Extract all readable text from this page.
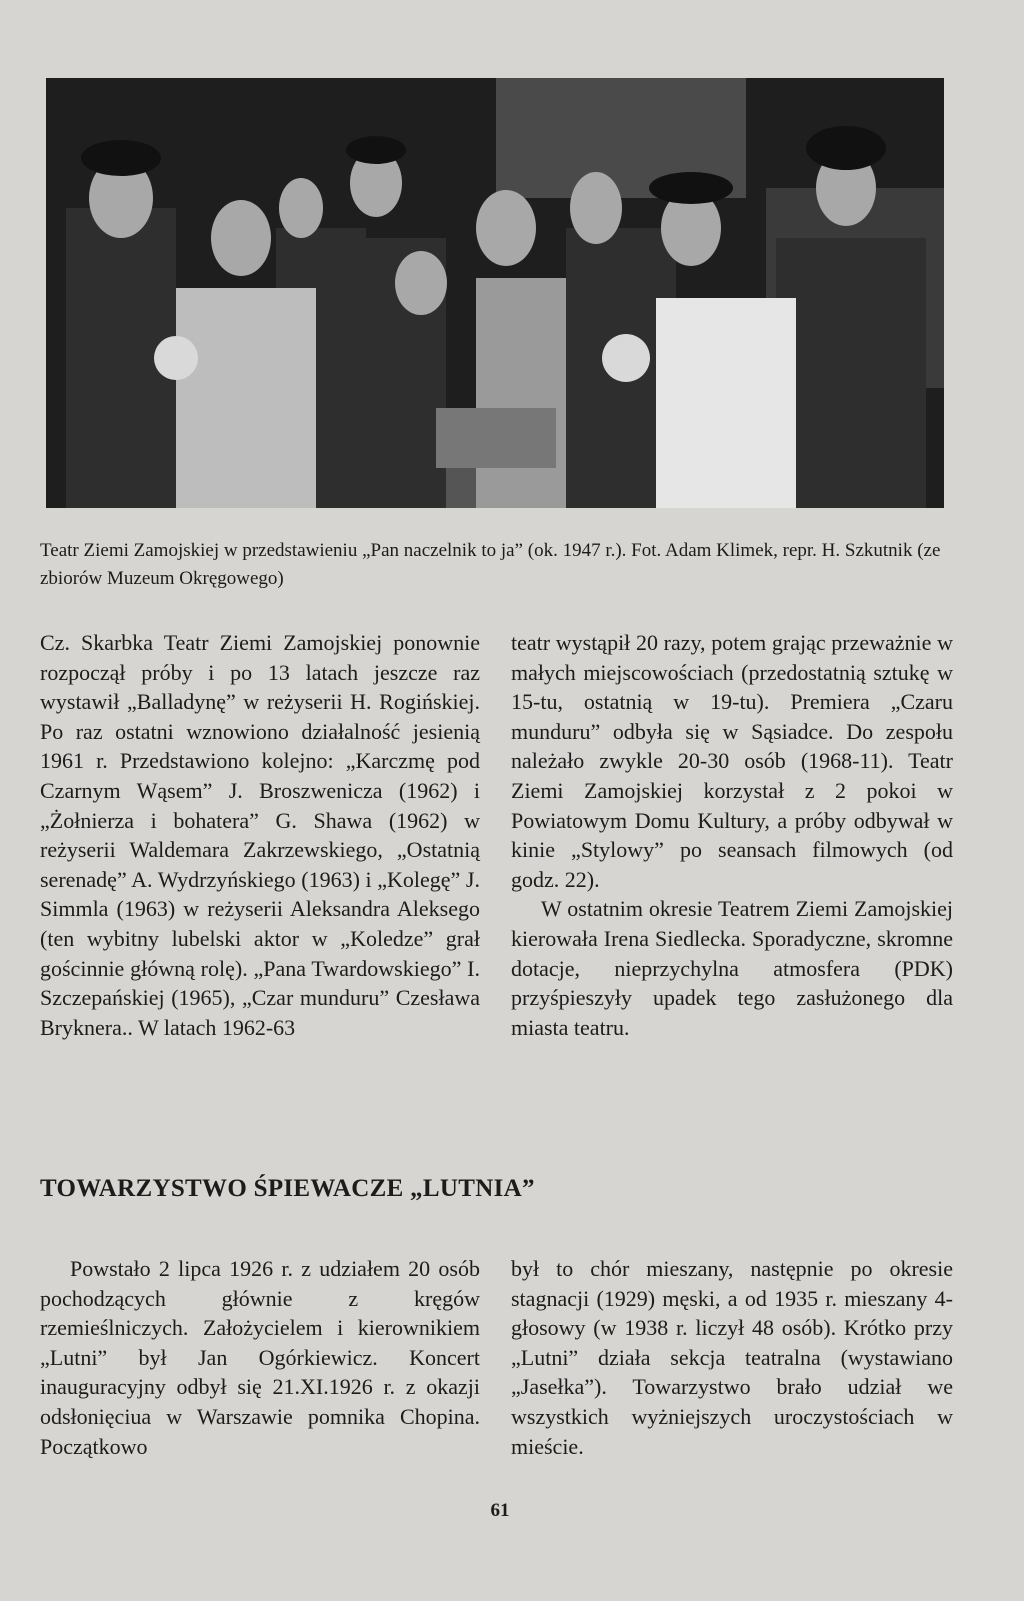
Teatr Ziemi Zamojskiej w przedstawieniu „Pan naczelnik to ja” (ok. 1947 r.). Fot. Adam Klimek, repr. H. Szkutnik (ze zbiorów Muzeum Okręgowego)

Cz. Skarbka Teatr Ziemi Zamojskiej ponownie rozpoczął próby i po 13 latach jeszcze raz wystawił „Balladynę” w reżyserii H. Rogińskiej. Po raz ostatni wznowiono działalność jesienią 1961 r. Przedstawiono kolejno: „Karczmę pod Czarnym Wąsem” J. Broszwenicza (1962) i „Żołnierza i bohatera” G. Shawa (1962) w reżyserii Waldemara Zakrzewskiego, „Ostatnią serenadę” A. Wydrzyńskiego (1963) i „Kolegę” J. Simmla (1963) w reżyserii Aleksandra Aleksego (ten wybitny lubelski aktor w „Koledze” grał gościnnie główną rolę). „Pana Twardowskiego” I. Szczepańskiej (1965), „Czar munduru” Czesława Bryknera.. W latach 1962-63

teatr wystąpił 20 razy, potem grając przeważnie w małych miejscowościach (przedostatnią sztukę w 15-tu, ostatnią w 19-tu). Premiera „Czaru munduru” odbyła się w Sąsiadce. Do zespołu należało zwykle 20-30 osób (1968-11). Teatr Ziemi Zamojskiej korzystał z 2 pokoi w Powiatowym Domu Kultury, a próby odbywał w kinie „Stylowy” po seansach filmowych (od godz. 22).

W ostatnim okresie Teatrem Ziemi Zamojskiej kierowała Irena Siedlecka. Sporadyczne, skromne dotacje, nieprzychylna atmosfera (PDK) przyśpieszyły upadek tego zasłużonego dla miasta teatru.

TOWARZYSTWO ŚPIEWACZE „LUTNIA”

Powstało 2 lipca 1926 r. z udziałem 20 osób pochodzących głównie z kręgów rzemieślniczych. Założycielem i kierownikiem „Lutni” był Jan Ogórkiewicz. Koncert inauguracyjny odbył się 21.XI.1926 r. z okazji odsłonięciua w Warszawie pomnika Chopina. Początkowo

był to chór mieszany, następnie po okresie stagnacji (1929) męski, a od 1935 r. mieszany 4-głosowy (w 1938 r. liczył 48 osób). Krótko przy „Lutni” działa sekcja teatralna (wystawiano „Jasełka”). Towarzystwo brało udział we wszystkich wyżniejszych uroczystościach w mieście.

61
